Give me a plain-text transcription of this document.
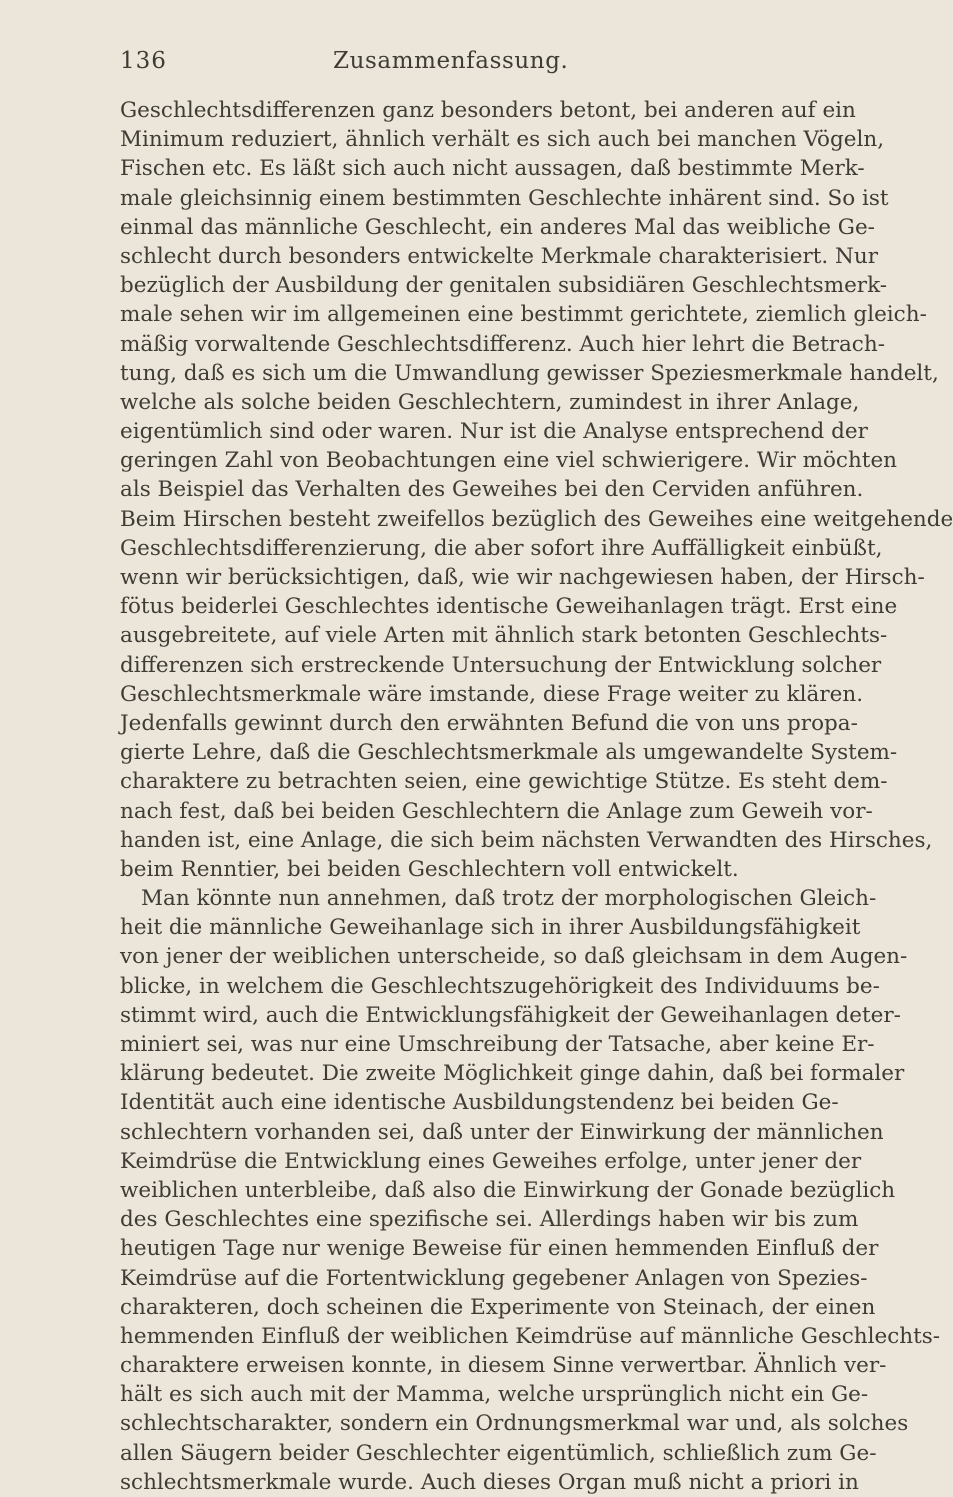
136	Zusammenfassung.
Geschlechtsdifferenzen ganz besonders betont, bei anderen auf ein
Minimum reduziert, ähnlich verhält es sich auch bei manchen Vögeln,
Fischen etc. Es läßt sich auch nicht aussagen, daß bestimmte Merk-
male gleichsinnig einem bestimmten Geschlechte inhärent sind. So ist
einmal das männliche Geschlecht, ein anderes Mal das weibliche Ge-
schlecht durch besonders entwickelte Merkmale charakterisiert. Nur
bezüglich der Ausbildung der genitalen subsidiären Geschlechtsmerk-
male sehen wir im allgemeinen eine bestimmt gerichtete, ziemlich gleich-
mäßig vorwaltende Geschlechtsdifferenz. Auch hier lehrt die Betrach-
tung, daß es sich um die Umwandlung gewisser Speziesmerkmale handelt,
welche als solche beiden Geschlechtern, zumindest in ihrer Anlage,
eigentümlich sind oder waren. Nur ist die Analyse entsprechend der
geringen Zahl von Beobachtungen eine viel schwierigere. Wir möchten
als Beispiel das Verhalten des Geweihes bei den Cerviden anführen.
Beim Hirschen besteht zweifellos bezüglich des Geweihes eine weitgehende
Geschlechtsdifferenzierung, die aber sofort ihre Auffälligkeit einbüßt,
wenn wir berücksichtigen, daß, wie wir nachgewiesen haben, der Hirsch-
fötus beiderlei Geschlechtes identische Geweihanlagen trägt. Erst eine
ausgebreitete, auf viele Arten mit ähnlich stark betonten Geschlechts-
differenzen sich erstreckende Untersuchung der Entwicklung solcher
Geschlechtsmerkmale wäre imstande, diese Frage weiter zu klären.
Jedenfalls gewinnt durch den erwähnten Befund die von uns propa-
gierte Lehre, daß die Geschlechtsmerkmale als umgewandelte System-
charaktere zu betrachten seien, eine gewichtige Stütze. Es steht dem-
nach fest, daß bei beiden Geschlechtern die Anlage zum Geweih vor-
handen ist, eine Anlage, die sich beim nächsten Verwandten des Hirsches,
beim Renntier, bei beiden Geschlechtern voll entwickelt.
Man könnte nun annehmen, daß trotz der morphologischen Gleich-
heit die männliche Geweihanlage sich in ihrer Ausbildungsfähigkeit
von jener der weiblichen unterscheide, so daß gleichsam in dem Augen-
blicke, in welchem die Geschlechtszugehörigkeit des Individuums be-
stimmt wird, auch die Entwicklungsfähigkeit der Geweihanlagen deter-
miniert sei, was nur eine Umschreibung der Tatsache, aber keine Er-
klärung bedeutet. Die zweite Möglichkeit ginge dahin, daß bei formaler
Identität auch eine identische Ausbildungstendenz bei beiden Ge-
schlechtern vorhanden sei, daß unter der Einwirkung der männlichen
Keimdrüse die Entwicklung eines Geweihes erfolge, unter jener der
weiblichen unterbleibe, daß also die Einwirkung der Gonade bezüglich
des Geschlechtes eine spezifische sei. Allerdings haben wir bis zum
heutigen Tage nur wenige Beweise für einen hemmenden Einfluß der
Keimdrüse auf die Fortentwicklung gegebener Anlagen von Spezies-
charakteren, doch scheinen die Experimente von Steinach, der einen
hemmenden Einfluß der weiblichen Keimdrüse auf männliche Geschlechts-
charaktere erweisen konnte, in diesem Sinne verwertbar. Ähnlich ver-
hält es sich auch mit der Mamma, welche ursprünglich nicht ein Ge-
schlechtscharakter, sondern ein Ordnungsmerkmal war und, als solches
allen Säugern beider Geschlechter eigentümlich, schließlich zum Ge-
schlechtsmerkmale wurde. Auch dieses Organ muß nicht a priori in
